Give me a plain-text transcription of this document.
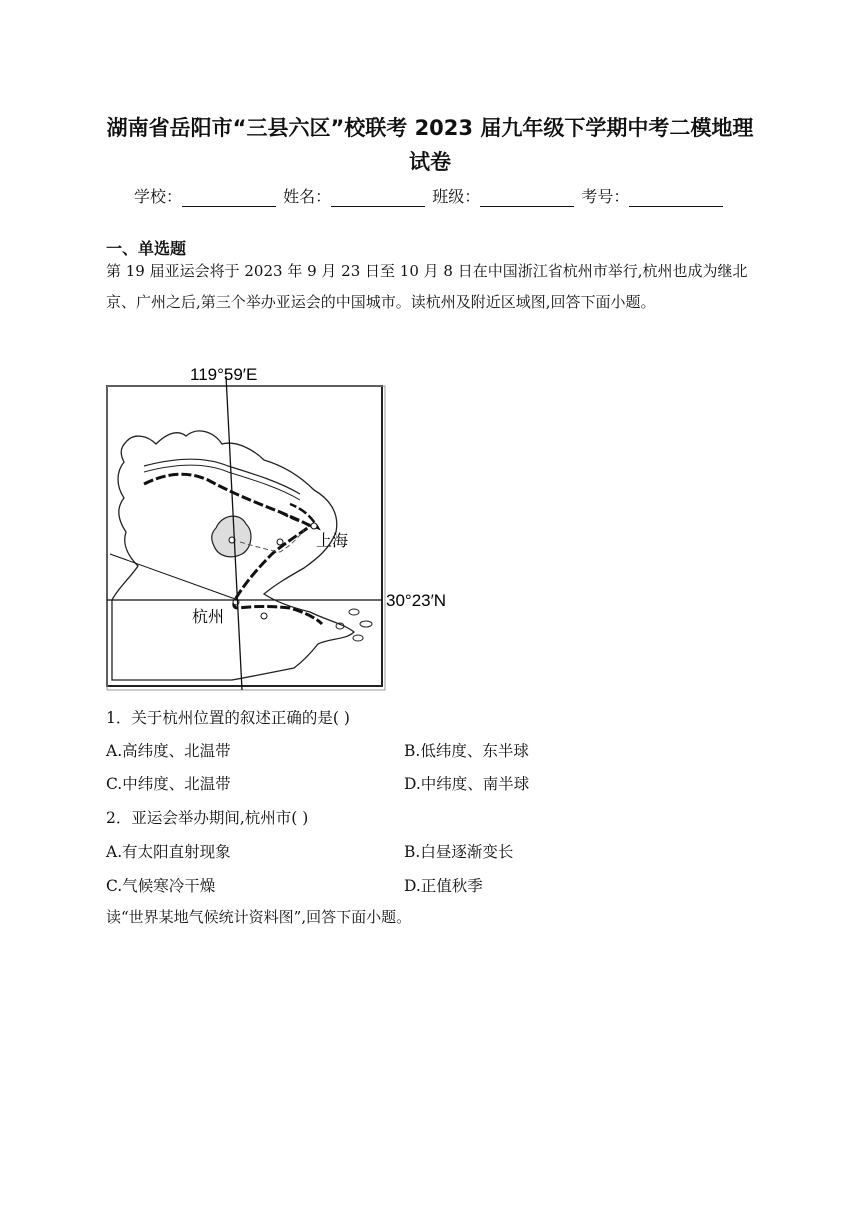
湖南省岳阳市“三县六区”校联考 2023 届九年级下学期中考二模地理
试卷
学校：	姓名：	班级：	考号：
一、单选题
第 19 届亚运会将于 2023 年 9 月 23 日至 10 月 8 日在中国浙江省杭州市举行,杭州也成为继北京、广州之后,第三个举办亚运会的中国城市。读杭州及附近区域图,回答下面小题。
119°59′E
30°23′N
上海
杭州
1．关于杭州位置的叙述正确的是( )
A.高纬度、北温带	B.低纬度、东半球
C.中纬度、北温带	D.中纬度、南半球
2．亚运会举办期间,杭州市( )
A.有太阳直射现象	B.白昼逐渐变长
C.气候寒冷干燥	D.正值秋季
读“世界某地气候统计资料图”,回答下面小题。
